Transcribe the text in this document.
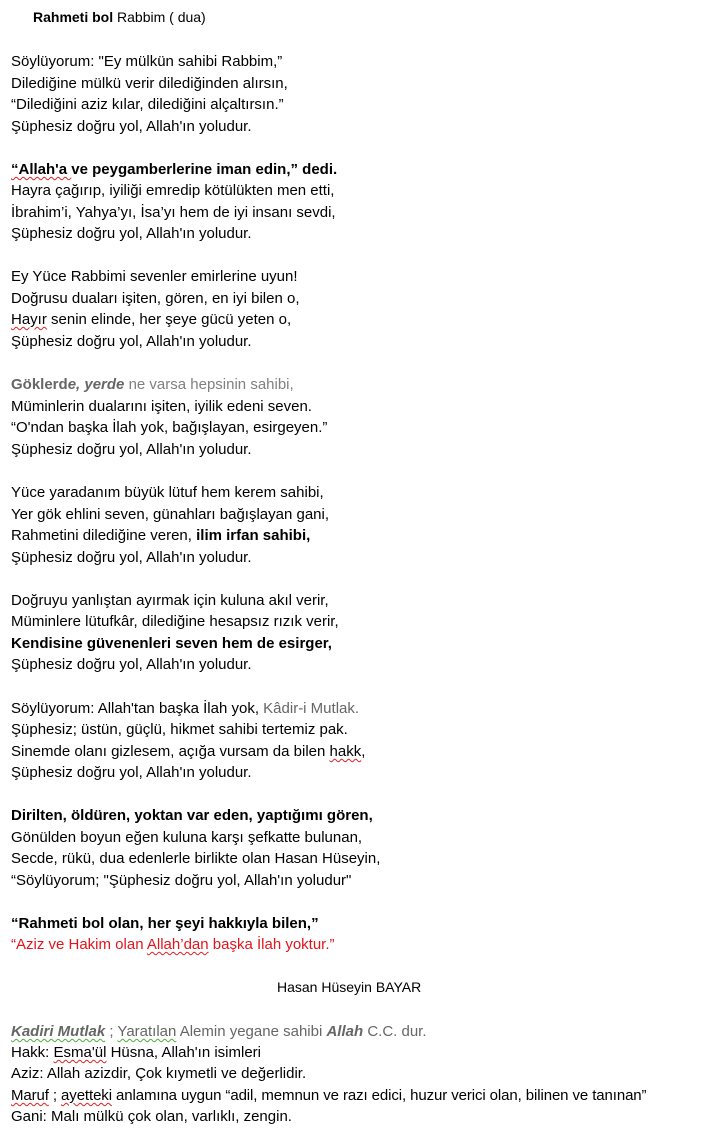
Rahmeti bol Rabbim ( dua)
Söylüyorum: "Ey mülkün sahibi Rabbim,”
Dilediğine mülkü verir dilediğinden alırsın,
“Dilediğini aziz kılar, dilediğini alçaltırsın.”
Şüphesiz doğru yol, Allah'ın yoludur.
“Allah'a ve peygamberlerine iman edin,” dedi.
Hayra çağırıp, iyiliği emredip kötülükten men etti,
İbrahim’i, Yahya’yı, İsa’yı hem de iyi insanı sevdi,
Şüphesiz doğru yol, Allah'ın yoludur.
Ey Yüce Rabbimi sevenler emirlerine uyun!
Doğrusu duaları işiten, gören, en iyi bilen o,
Hayır senin elinde, her şeye gücü yeten o,
Şüphesiz doğru yol, Allah'ın yoludur.
Göklerde, yerde ne varsa hepsinin sahibi,
Müminlerin dualarını işiten, iyilik edeni seven.
“O'ndan başka İlah yok, bağışlayan, esirgeyen.”
Şüphesiz doğru yol, Allah'ın yoludur.
Yüce yaradanım büyük lütuf hem kerem sahibi,
Yer gök ehlini seven, günahları bağışlayan gani,
Rahmetini dilediğine veren, ilim irfan sahibi,
Şüphesiz doğru yol, Allah'ın yoludur.
Doğruyu yanlıştan ayırmak için kuluna akıl verir,
Müminlere lütufkâr, dilediğine hesapsız rızık verir,
Kendisine güvenenleri seven hem de esirger,
Şüphesiz doğru yol, Allah'ın yoludur.
Söylüyorum: Allah'tan başka İlah yok, Kâdir-i Mutlak.
Şüphesiz; üstün, güçlü, hikmet sahibi tertemiz pak.
Sinemde olanı gizlesem, açığa vursam da bilen hakk,
Şüphesiz doğru yol, Allah'ın yoludur.
Dirilten, öldüren, yoktan var eden, yaptığımı gören,
Gönülden boyun eğen kuluna karşı şefkatte bulunan,
Secde, rükü, dua edenlerle birlikte olan Hasan Hüseyin,
“Söylüyorum; "Şüphesiz doğru yol, Allah'ın yoludur"
“Rahmeti bol olan, her şeyi hakkıyla bilen,”
“Aziz ve Hakim olan Allah’dan başka İlah yoktur.”
Hasan Hüseyin BAYAR
Kadiri Mutlak ; Yaratılan Alemin yegane sahibi Allah C.C. dur.
Hakk: Esma'ül Hüsna, Allah'ın isimleri
Aziz: Allah azizdir, Çok kıymetli ve değerlidir.
Maruf ; ayetteki anlamına uygun “adil, memnun ve razı edici, huzur verici olan, bilinen ve tanınan”
Gani: Malı mülkü çok olan, varlıklı, zengin.
